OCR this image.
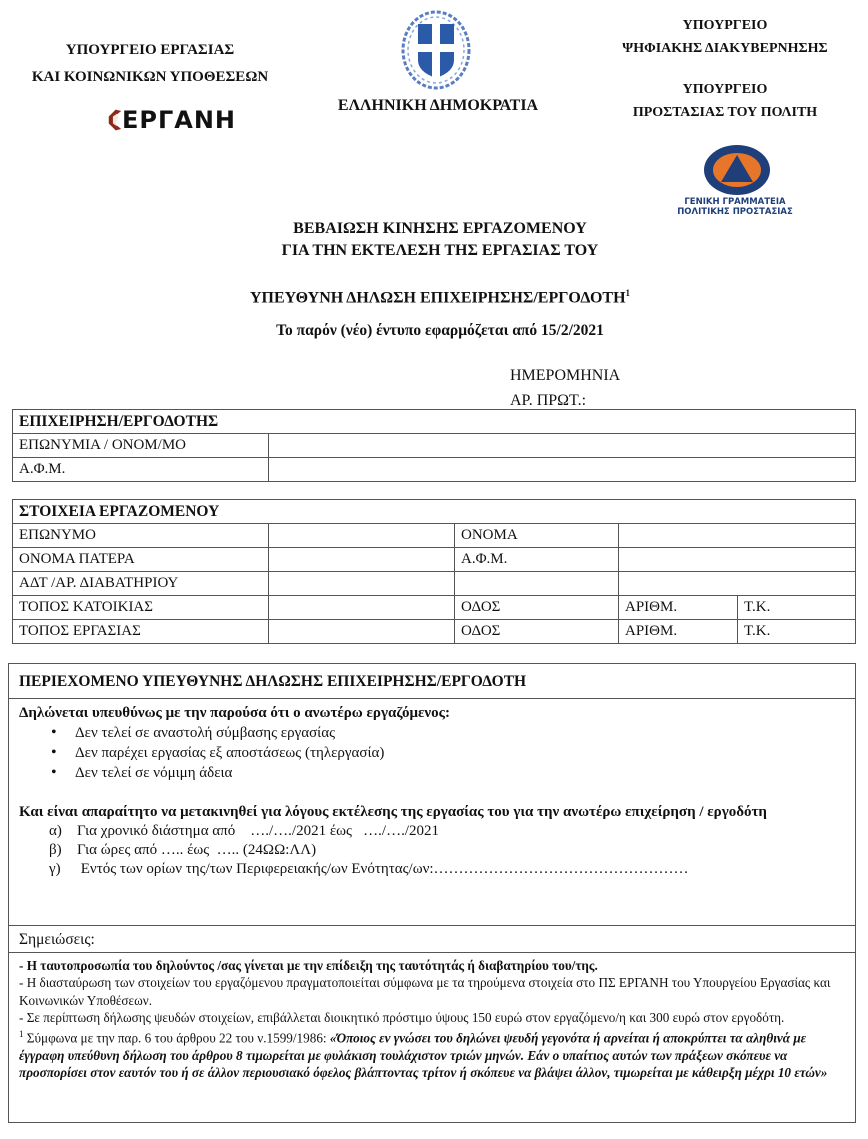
ΥΠΟΥΡΓΕΙΟ ΕΡΓΑΣΙΑΣ
ΚΑΙ ΚΟΙΝΩΝΙΚΩΝ ΥΠΟΘΕΣΕΩΝ
ΕΡΓΑΝΗ
ΕΛΛΗΝΙΚΗ ΔΗΜΟΚΡΑΤΙΑ
ΥΠΟΥΡΓΕΙΟ
ΨΗΦΙΑΚΗΣ ΔΙΑΚΥΒΕΡΝΗΣΗΣ
ΥΠΟΥΡΓΕΙΟ
ΠΡΟΣΤΑΣΙΑΣ ΤΟΥ ΠΟΛΙΤΗ
ΓΕΝΙΚΗ ΓΡΑΜΜΑΤΕΙΑ
ΠΟΛΙΤΙΚΗΣ ΠΡΟΣΤΑΣΙΑΣ
ΒΕΒΑΙΩΣΗ ΚΙΝΗΣΗΣ ΕΡΓΑΖΟΜΕΝΟΥ
ΓΙΑ ΤΗΝ ΕΚΤΕΛΕΣΗ ΤΗΣ ΕΡΓΑΣΙΑΣ ΤΟΥ
ΥΠΕΥΘΥΝΗ ΔΗΛΩΣΗ ΕΠΙΧΕΙΡΗΣΗΣ/ΕΡΓΟΔΟΤΗ$^1$
Το παρόν (νέο) έντυπο εφαρμόζεται από 15/2/2021
ΗΜΕΡΟΜΗΝΙΑ
ΑΡ. ΠΡΩΤ.:
ΕΠΙΧΕΙΡΗΣΗ/ΕΡΓΟΔΟΤΗΣ	
ΕΠΩΝΥΜΙΑ / ΟΝΟΜ/ΜΟ	
Α.Φ.Μ.	
ΣΤΟΙΧΕΙΑ ΕΡΓΑΖΟΜΕΝΟΥ				
ΕΠΩΝΥΜΟ		ΟΝΟΜΑ		
ΟΝΟΜΑ ΠΑΤΕΡΑ		Α.Φ.Μ.		
ΑΔΤ /ΑΡ. ΔΙΑΒΑΤΗΡΙΟΥ				
ΤΟΠΟΣ ΚΑΤΟΙΚΙΑΣ		ΟΔΟΣ	ΑΡΙΘΜ.	Τ.Κ.
ΤΟΠΟΣ ΕΡΓΑΣΙΑΣ		ΟΔΟΣ	ΑΡΙΘΜ.	Τ.Κ.
ΠΕΡΙΕΧΟΜΕΝΟ ΥΠΕΥΘΥΝΗΣ ΔΗΛΩΣΗΣ ΕΠΙΧΕΙΡΗΣΗΣ/ΕΡΓΟΔΟΤΗ
Δηλώνεται υπευθύνως με την παρούσα ότι ο ανωτέρω εργαζόμενος:
• Δεν τελεί σε αναστολή σύμβασης εργασίας
• Δεν παρέχει εργασίας εξ αποστάσεως (τηλεργασία)
• Δεν τελεί σε νόμιμη άδεια
Και είναι απαραίτητο να μετακινηθεί για λόγους εκτέλεσης της εργασίας του για την ανωτέρω επιχείρηση / εργοδότη
α) Για χρονικό διάστημα από    …./…./2021 έως   …./…./2021
β) Για ώρες από ….. έως  ….. (24ΩΩ:ΛΛ)
γ) Εντός των ορίων της/των Περιφερειακής/ων Ενότητας/ων:……………………………………………
Σημειώσεις:
- Η ταυτοπροσωπία του δηλούντος /σας γίνεται με την επίδειξη της ταυτότητάς ή διαβατηρίου του/της.
- Η διασταύρωση των στοιχείων του εργαζόμενου πραγματοποιείται σύμφωνα με τα τηρούμενα στοιχεία στο ΠΣ ΕΡΓΑΝΗ του Υπουργείου Εργασίας και Κοινωνικών Υποθέσεων.
- Σε περίπτωση δήλωσης ψευδών στοιχείων, επιβάλλεται διοικητικό πρόστιμο ύψους 150 ευρώ στον εργαζόμενο/η και 300 ευρώ στον εργοδότη.
$^1$ Σύμφωνα με την παρ. 6 του άρθρου 22 του ν.1599/1986: «Όποιος εν γνώσει του δηλώνει ψευδή γεγονότα ή αρνείται ή αποκρύπτει τα αληθινά με έγγραφη υπεύθυνη δήλωση του άρθρου 8 τιμωρείται με φυλάκιση τουλάχιστον τριών μηνών. Εάν ο υπαίτιος αυτών των πράξεων σκόπευε να προσπορίσει στον εαυτόν του ή σε άλλον περιουσιακό όφελος βλάπτοντας τρίτον ή σκόπευε να βλάψει άλλον, τιμωρείται με κάθειρξη μέχρι 10 ετών»
